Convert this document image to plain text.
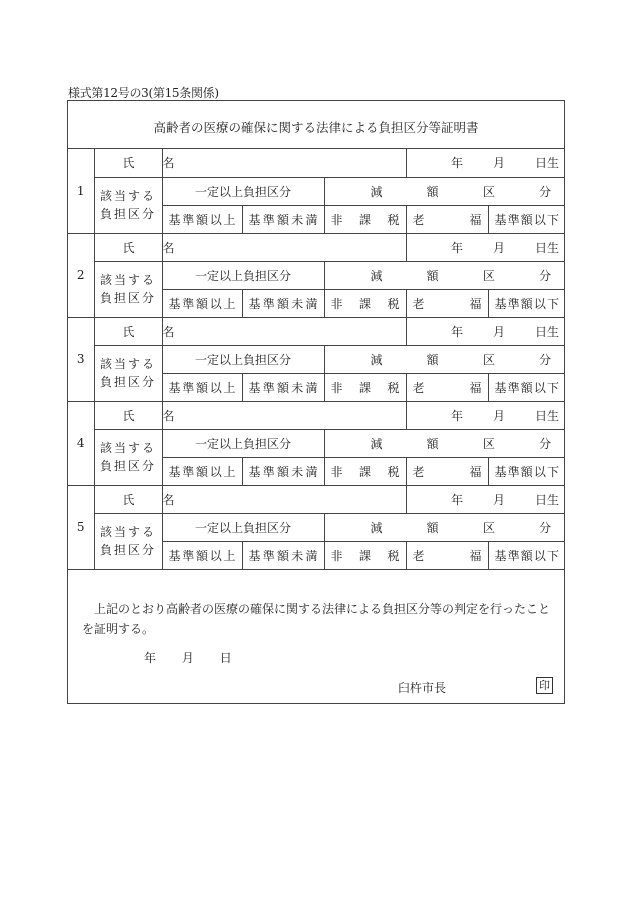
様式第12号の3(第15条関係)
高齢者の医療の確保に関する法律による負担区分等証明書
1	氏名				年 月 日生	
	該当する負担区分	一定以上負担区分		減額区分		
		基準額以上	基準額未満	非課税	老福	基準額以下
2	氏名				年 月 日生	
	該当する負担区分	一定以上負担区分		減額区分		
		基準額以上	基準額未満	非課税	老福	基準額以下
3	氏名				年 月 日生	
	該当する負担区分	一定以上負担区分		減額区分		
		基準額以上	基準額未満	非課税	老福	基準額以下
4	氏名				年 月 日生	
	該当する負担区分	一定以上負担区分		減額区分		
		基準額以上	基準額未満	非課税	老福	基準額以下
5	氏名				年 月 日生	
	該当する負担区分	一定以上負担区分		減額区分		
		基準額以上	基準額未満	非課税	老福	基準額以下
上記のとおり高齢者の医療の確保に関する法律による負担区分等の判定を行ったことを証明する。
年 月 日
臼杵市長	印
